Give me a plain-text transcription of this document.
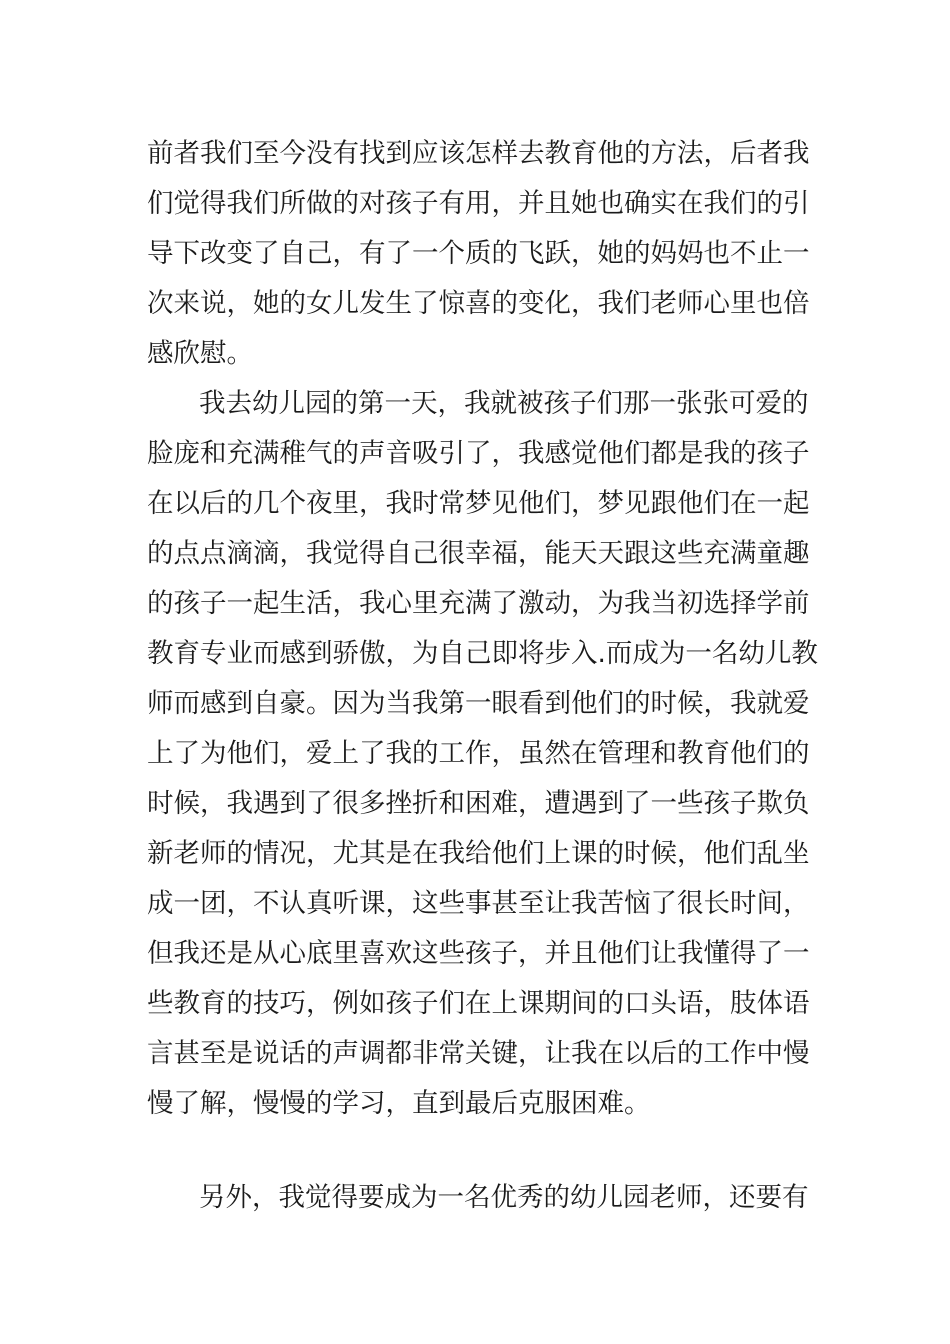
前者我们至今没有找到应该怎样去教育他的方法，后者我
们觉得我们所做的对孩子有用，并且她也确实在我们的引
导下改变了自己，有了一个质的飞跃，她的妈妈也不止一
次来说，她的女儿发生了惊喜的变化，我们老师心里也倍
感欣慰。
我去幼儿园的第一天，我就被孩子们那一张张可爱的
脸庞和充满稚气的声音吸引了，我感觉他们都是我的孩子
在以后的几个夜里，我时常梦见他们，梦见跟他们在一起
的点点滴滴，我觉得自己很幸福，能天天跟这些充满童趣
的孩子一起生活，我心里充满了激动，为我当初选择学前
教育专业而感到骄傲，为自己即将步入.而成为一名幼儿教
师而感到自豪。因为当我第一眼看到他们的时候，我就爱
上了为他们，爱上了我的工作，虽然在管理和教育他们的
时候，我遇到了很多挫折和困难，遭遇到了一些孩子欺负
新老师的情况，尤其是在我给他们上课的时候，他们乱坐
成一团，不认真听课，这些事甚至让我苦恼了很长时间，
但我还是从心底里喜欢这些孩子，并且他们让我懂得了一
些教育的技巧，例如孩子们在上课期间的口头语，肢体语
言甚至是说话的声调都非常关键，让我在以后的工作中慢
慢了解，慢慢的学习，直到最后克服困难。
另外，我觉得要成为一名优秀的幼儿园老师，还要有
